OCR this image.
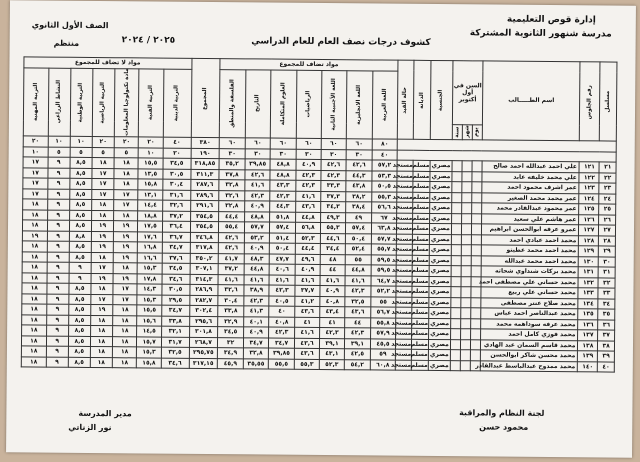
إدارة قوص التعليمية
مدرسة شنهور الثانوية المشتركة
كشوف درجات نصف العام للعام الدراسي
٢٠٢٥ / ٢٠٢٤
الصف الأول الثانوي
منتظم
مسلسل	رقم الجلوس	اسم الطـــــالب	السن في أول أكتوبر			الجنسية	الديانة	حالة القيد	مواد تضاف للمجموع							المجموع	مواد لا تضاف للمجموع						
									اللغة العربية	اللغة الانجليزية	اللغة الأجنبية الثانية	الرياضيات	العلوم المتكاملة	التاريخ	الفلسفة والمنطق		التربية الدينية	التربية الفنية	مادة تكنولوجيا المعلومات	التربية الرياضية	التربية الوطنية	النشاط الزراعي	التربية المهنية
			يوم	شهر	سنة																		
									٨٠	٦٠	٦٠	٦٠	٦٠	٦٠	٦٠	٣٨٠	٤٠	٢٠	٢٠	٢٠	١٠	١٠	٢٠
									٤٠	٣٠	٣٠	٣٠	٣٠	٣٠	٣٠	١٩٠	٢٠	١٠	٥	٥	٥	٥	١٠
٢١	١٢١	علي احمد عبدالله احمد صالح				مصري	مسلم	مستجد	٥٧,٢	٤٢,٦	٤٢,٦	٤٠,٩	٤٨,٨	٣٩,٨٥	٣٥,٢	٣١٨,٨٥	٣٤,٥	١٥,٥	١٨	١٨	٨,٥	٩	١٧
٢٢	١٢٢	علي محمد خليفه عابد				مصري	مسلم	مستجد	٥٣,٣	٤٤,٣	٤٢,٣	٤٢,٣	٤٨,٨	٤٢,٦	٣٧,٨	٣١١,٣	٣٠,٥	١٣,٥	١٨	١٧	٨,٥	٩	١٧
٢٣	١٢٣	عمر اشرف محمود احمد				مصري	مسلم	مستجد	٥٠,٥	٤٣,٨	٣٣,٣	٤٢,٣	٤٣,٣	٤١,٦	٣٢,٨	٢٨٧,٦	٣٠,٤	١٥,٨	١٨	١٧	٨,٥	٩	١٧
٢٤	١٢٤	عمر محمد محمد الصغير				مصري	مسلم	مستجد	٥٥,٣	٣٨,٢	٣٧,٣	٤١,٦	٤٢,٣	٤٢,٣	٣٢,٦	٢٨٩,٦	٣١,٦	١٣,١	١٧	١٧	٨,٥	٩	١٧
٢٥	١٢٥	عمر محمود عبدالقادر محمد				مصري	مسلم	مستجد	٥٦,٦	٣٨,٤	٣٤,٣	٤٣,٦	٤٤,٣	٤٠,٩	٣٢,٨	٢٩١,٦	٣٢,٦	١٤,٤	١٧	١٨	٨,٥	٩	١٨
٢٦	١٢٦	عمر هاشم علي سعيد				مصري	مسلم	مستجد	٦٧	٤٩	٤٩,٣	٤٤,٨	٥١,٨	٤٨,٨	٤٤,٤	٣٥٤,٥	٣٧,٢	١٨,٨	١٨	١٨	٨,٥	٩	١٨
٢٧	١٢٧	عمرو عرفه ابوالحسن ابراهيم				مصري	مسلم	مستجد	٦٣,٨	٥٧,٤	٥٥,٣	٥٦,٨	٥٧,٤	٥٧,٧	٥٥,٤	٣٥٤,٥	٣٦,٤	١٧,٥	١٩	١٩	٨,٥	٩	١٨
٢٨	١٢٨	محمد احمد عبادي احمد				مصري	مسلم	مستجد	٥٧,٧	٥٠,٤	٤٤,٦	٥٢,٣	٥١,٤	٥٣,٢	٤٢,٦	٣٤٦,٨	٣٦,٧	١٧,٦	١٩	١٩	٨,٨	٩	١٩
٢٩	١٢٩	محمد احمد محمد عطيتو				مصري	مسلم	مستجد	٥٥,٧	٥٢,٤	٣٤,٤	٤٤,٤	٥٠,٤	٤٠,٩	٤٢,٦	٣١٧,٨	٣٤,٧	١٦,٨	١٩	١٩	٨,٥	٩	١٨
٣٠	١٣٠	محمد احمد محمد عبدالله				مصري	مسلم	مستجد	٥٩,٥	٥٥	٤٨	٤٩,٦	٤٧,٧	٤٨,٣	٤١,٧	٣٥٠,٢	٣٧,٦	١٦,٦	١٩	١٨	٨,٥	٩	١٨
٣١	١٣١	محمد بركات شنداوي شحاته				مصري	مسلم	مستجد	٥٩,٥	٤٤,٨	٤٤	٤٠,٩	٤٠,٦	٤٤,٨	٣٧,٢	٣٠٧,١	٣٤,٥	١٥,٣	١٨	١٧	٩	٩	١٨
٣٢	١٣٢	محمد حساني علي مصطفى احمد				مصري	مسلم	مستجد	٦٤,٧	٤١,٦	٤١,٦	٤١,٦	٤١,٦	٤١,٦	٤١,٦	٣١٤,٣	٣٤,٦	١٧,٨	١٩	١٩	٩	٩	١٨
٣٣	١٣٣	محمد حساني علي ربيع				مصري	مسلم	مستجد	٥٢,٢	٤٢,٣	٤٠,٩	٣٧,٧	٤٢,٣	٣٨,٩	٣٢,٦	٢٨٦,٩	٣٠,٥	١٤,٣	١٧	١٨	٨,٥	٩	١٨
٣٤	١٣٤	محمد صلاح عنتر مصطفى				مصري	مسلم	مستجد	٥٥	٣٢,٥	٤٠,٨	٤١,٢	٤٠,٥	٤٢,٣	٣٠,٤	٢٨٢,٧	٢٩,٥	١٥,٣	١٧	١٧	٨,٥	٩	١٨
٣٥	١٣٥	محمد عبدالناصر احمد عباس				مصري	مسلم	مستجد	٥٦,٧	٤٣,٦	٤٣,٤	٤٣,٦	٤٠	٤١,٣	٣٣,٨	٣٠٢,٤	٣٤,٧	١٥,٥	١٨	١٩	٨,٥	٩	١٨
٣٦	١٣٦	محمد عرفه سوداهمه محمد				مصري	مسلم	مستجد	٥٥,٨	٤٤	٤١	٤١	٤٠,٨	٤٠,١	٣٢,٩	٢٩٥,٦	٣٣,٨	١٥,٦	١٨	١٨	٨,٥	٩	١٨
٣٧	١٣٧	محمد فوزي كامل احمد				مصري	مسلم	مستجد	٥٧,٩	٤٢,٣	٤٢,٣	٤١,٦	٤٢,٣	٤٠,٩	٣٤,٥	٣٠١,٨	٣٢,١	١٤,٥	١٨	١٨	٨,٥	٩	١٨
٣٨	١٣٨	محمد قاسم السمان عبد الهادي				مصري	مسلم	مستجد	٤٥,٥	٣٩,١	٣٩,١	٤٣,٦	٣٤,٧	٣٤,٧	٣٢	٢٦٨,٧	٣١,٧	١٥,٧	١٨	١٨	٨,٥	٩	١٨
٣٩	١٣٩	محمد محسن شاكر ابوالحسن				مصري	مسلم	مستجد	٥٩	٤٢,٥	٤٣,١	٤٣,٦	٣٩,٨٥	٣٢,٨	٣٤,٩	٢٩٥,٧٥	٣٢,٥	١٥,٣	١٨	١٨	٨,٥	٩	١٨
٤٠	١٤٠	محمد ممدوح عبدالباسط عبدالقادر				مصري	مسلم	مستجد	٦٠,٨	٥٤,٢	٥٢,٣	٥٥,٣	٥٥,٥	٣٥,٥٥	٤٥,٩	٣١٧,١٥	٣٤,٦	١٥,٨	١٨	١٨	٨,٥	٩	١٨
لجنة النظام والمراقبة
محمود حسن
مدير المدرسة
نور الزناتي
